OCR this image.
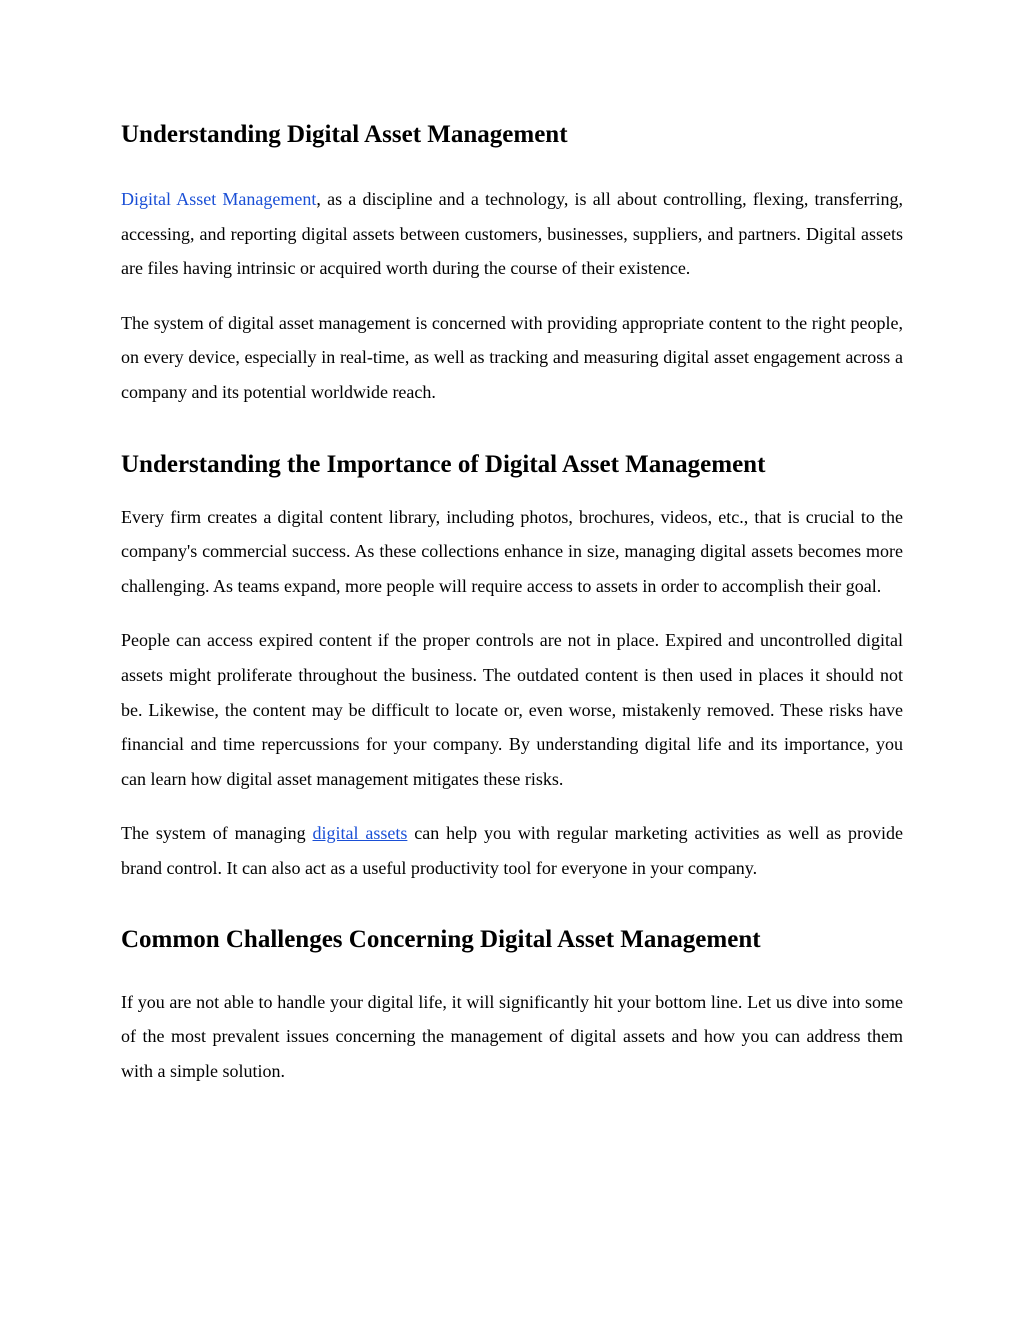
Understanding Digital Asset Management

Digital Asset Management, as a discipline and a technology, is all about controlling, flexing, transferring, accessing, and reporting digital assets between customers, businesses, suppliers, and partners. Digital assets are files having intrinsic or acquired worth during the course of their existence.

The system of digital asset management is concerned with providing appropriate content to the right people, on every device, especially in real-time, as well as tracking and measuring digital asset engagement across a company and its potential worldwide reach.

Understanding the Importance of Digital Asset Management

Every firm creates a digital content library, including photos, brochures, videos, etc., that is crucial to the company's commercial success. As these collections enhance in size, managing digital assets becomes more challenging. As teams expand, more people will require access to assets in order to accomplish their goal.

People can access expired content if the proper controls are not in place. Expired and uncontrolled digital assets might proliferate throughout the business. The outdated content is then used in places it should not be. Likewise, the content may be difficult to locate or, even worse, mistakenly removed. These risks have financial and time repercussions for your company. By understanding digital life and its importance, you can learn how digital asset management mitigates these risks.

The system of managing digital assets can help you with regular marketing activities as well as provide brand control. It can also act as a useful productivity tool for everyone in your company.

Common Challenges Concerning Digital Asset Management

If you are not able to handle your digital life, it will significantly hit your bottom line. Let us dive into some of the most prevalent issues concerning the management of digital assets and how you can address them with a simple solution.
